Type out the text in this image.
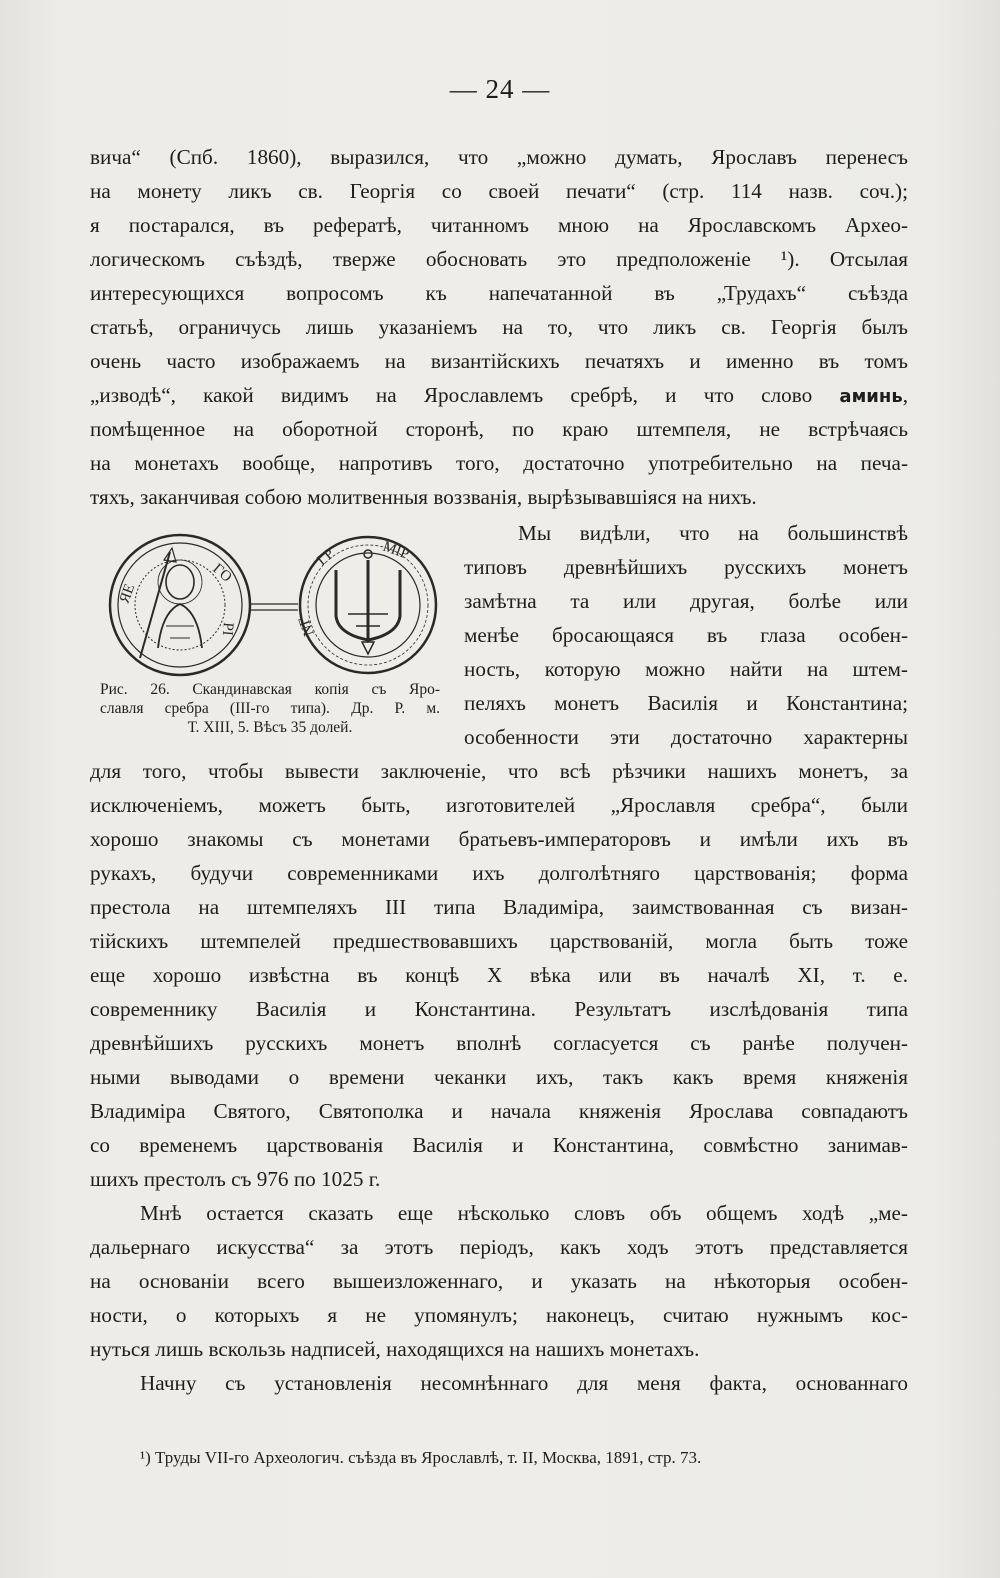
— 24 —
вича“ (Спб. 1860), выразился, что „можно думать, Ярославъ перенесъ
на монету ликъ св. Георгія со своей печати“ (стр. 114 назв. соч.);
я постарался, въ рефератѣ, читанномъ мною на Ярославскомъ Архео-
логическомъ съѣздѣ, тверже обосновать это предположеніе ¹). Отсылая
интересующихся вопросомъ къ напечатанной въ „Трудахъ“ съѣзда
статьѣ, ограничусь лишь указаніемъ на то, что ликъ св. Георгія былъ
очень часто изображаемъ на византійскихъ печатяхъ и именно въ томъ
„изводѣ“, какой видимъ на Ярославлемъ сребрѣ, и что слово аминь,
помѣщенное на оборотной сторонѣ, по краю штемпеля, не встрѣчаясь
на монетахъ вообще, напротивъ того, достаточно употребительно на печа-
тяхъ, заканчивая собою молитвенныя воззванія, вырѣзывавшіяся на нихъ.
ЯΕ
ΓΟ
ΡΙ
ΓΡ	ΜΙΡ
ΝΓ
Рис. 26. Скандинавская копія съ Яро-
славля сребра (III-го типа). Др. Р. м.
Т. XIII, 5. Вѣсъ 35 долей.
Мы видѣли, что на большинствѣ
типовъ древнѣйшихъ русскихъ монетъ
замѣтна та или другая, болѣе или
менѣе бросающаяся въ глаза особен-
ность, которую можно найти на штем-
пеляхъ монетъ Василія и Константина;
особенности эти достаточно характерны
для того, чтобы вывести заключеніе, что всѣ рѣзчики нашихъ монетъ, за
исключеніемъ, можетъ быть, изготовителей „Ярославля сребра“, были
хорошо знакомы съ монетами братьевъ-императоровъ и имѣли ихъ въ
рукахъ, будучи современниками ихъ долголѣтняго царствованія; форма
престола на штемпеляхъ III типа Владиміра, заимствованная съ визан-
тійскихъ штемпелей предшествовавшихъ царствованій, могла быть тоже
еще хорошо извѣстна въ концѣ X вѣка или въ началѣ XI, т. е.
современнику Василія и Константина. Результатъ изслѣдованія типа
древнѣйшихъ русскихъ монетъ вполнѣ согласуется съ ранѣе получен-
ными выводами о времени чеканки ихъ, такъ какъ время княженія
Владиміра Святого, Святополка и начала княженія Ярослава совпадаютъ
со временемъ царствованія Василія и Константина, совмѣстно занимав-
шихъ престолъ съ 976 по 1025 г.
Мнѣ остается сказать еще нѣсколько словъ объ общемъ ходѣ „ме-
дальернаго искусства“ за этотъ періодъ, какъ ходъ этотъ представляется
на основаніи всего вышеизложеннаго, и указать на нѣкоторыя особен-
ности, о которыхъ я не упомянулъ; наконецъ, считаю нужнымъ кос-
нуться лишь вскользь надписей, находящихся на нашихъ монетахъ.
Начну съ установленія несомнѣннаго для меня факта, основаннаго
¹) Труды VII-го Археологич. съѣзда въ Ярославлѣ, т. II, Москва, 1891, стр. 73.
